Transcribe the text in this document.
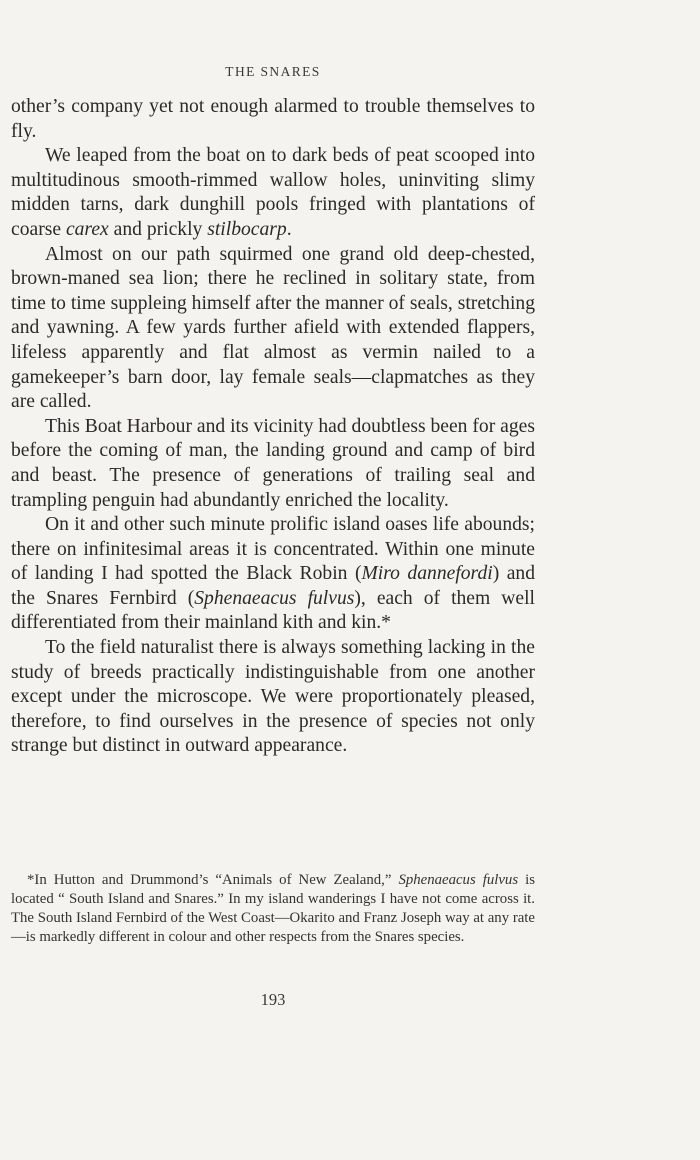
THE SNARES

other’s company yet not enough alarmed to trouble themselves to fly.

We leaped from the boat on to dark beds of peat scooped into multitudinous smooth-rimmed wallow holes, uninviting slimy midden tarns, dark dunghill pools fringed with plantations of coarse carex and prickly stilbocarp.

Almost on our path squirmed one grand old deep-chested, brown-maned sea lion; there he reclined in solitary state, from time to time suppleing himself after the manner of seals, stretching and yawning. A few yards further afield with extended flappers, lifeless apparently and flat almost as vermin nailed to a gamekeeper’s barn door, lay female seals—clapmatches as they are called.

This Boat Harbour and its vicinity had doubtless been for ages before the coming of man, the landing ground and camp of bird and beast. The presence of generations of trailing seal and trampling penguin had abundantly enriched the locality.

On it and other such minute prolific island oases life abounds; there on infinitesimal areas it is concentrated. Within one minute of landing I had spotted the Black Robin (Miro dannefordi) and the Snares Fernbird (Sphenaeacus fulvus), each of them well differentiated from their mainland kith and kin.*

To the field naturalist there is always something lacking in the study of breeds practically indistinguishable from one another except under the microscope. We were proportionately pleased, therefore, to find ourselves in the presence of species not only strange but distinct in outward appearance.

*In Hutton and Drummond’s “Animals of New Zealand,” Sphenaeacus fulvus is located “ South Island and Snares.” In my island wanderings I have not come across it. The South Island Fernbird of the West Coast—Okarito and Franz Joseph way at any rate—is markedly different in colour and other respects from the Snares species.

193
